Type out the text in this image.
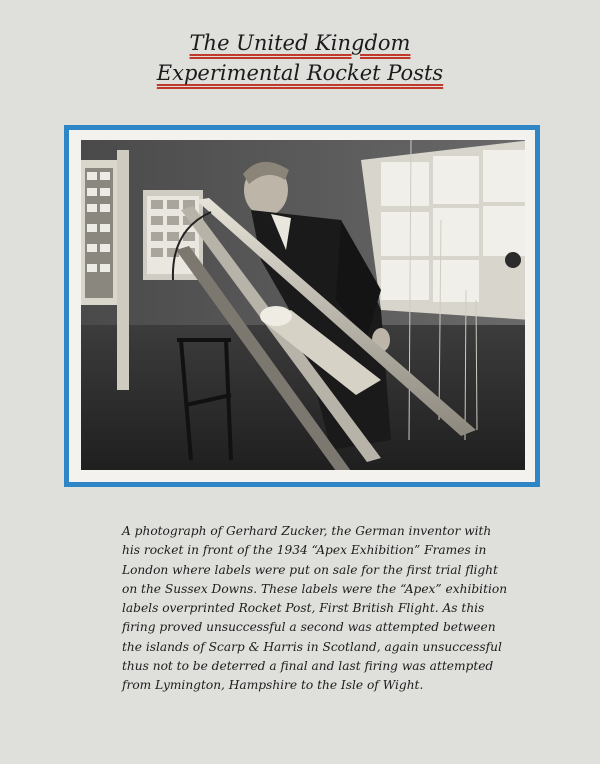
The United Kingdom
Experimental Rocket Posts
A photograph of Gerhard Zucker, the German inventor with
his rocket in front of the 1934 “Apex Exhibition” Frames in
London where labels were put on sale for the first trial flight
on the Sussex Downs. These labels were the “Apex” exhibition
labels overprinted Rocket Post, First British Flight. As this
firing proved unsuccessful a second was attempted between
the islands of Scarp & Harris in Scotland, again unsuccessful
thus not to be deterred a final and last firing was attempted
from Lymington, Hampshire to the Isle of Wight.
